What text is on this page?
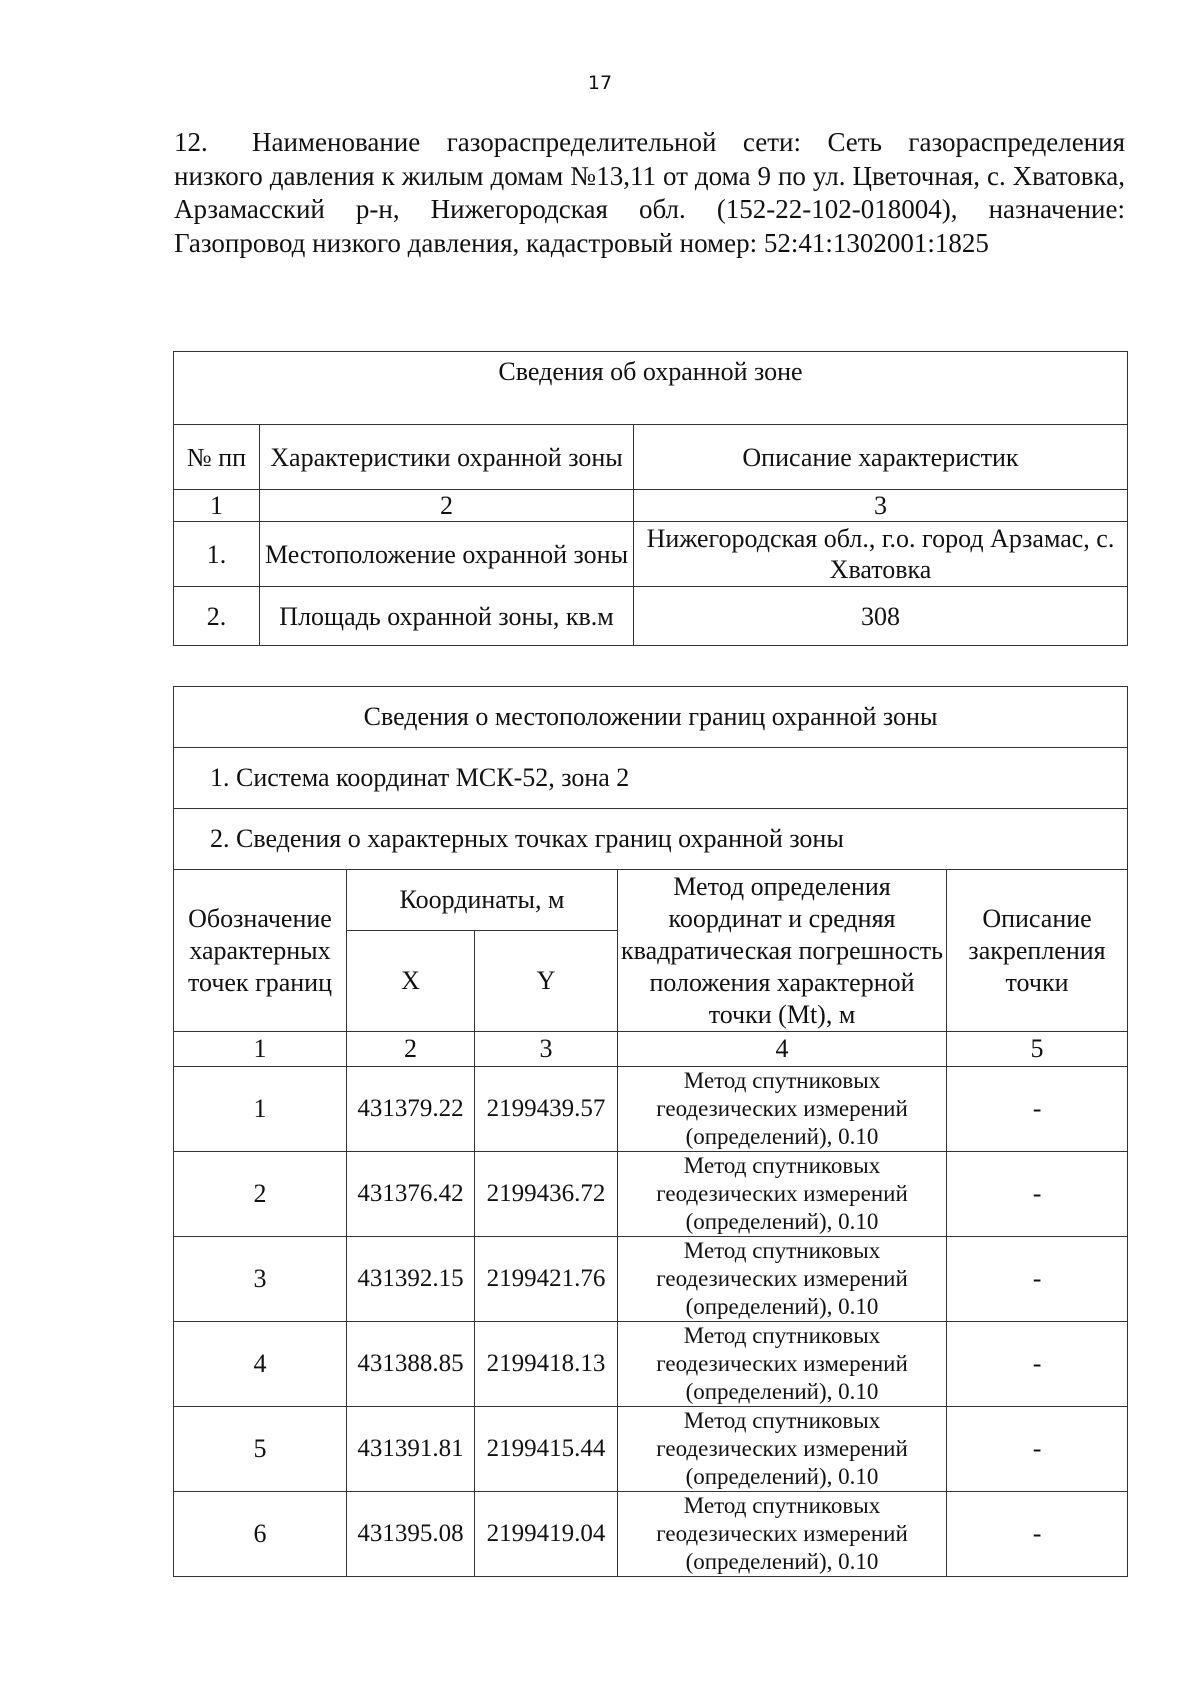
17

12. Наименование газораспределительной сети: Сеть газораспределения низкого давления к жилым домам №13,11 от дома 9 по ул. Цветочная, с. Хватовка, Арзамасский р-н, Нижегородская обл. (152-22-102-018004), назначение: Газопровод низкого давления, кадастровый номер: 52:41:1302001:1825

Сведения об охранной зоне		
№ пп	Характеристики охранной зоны	Описание характеристик
1	2	3
1.	Местоположение охранной зоны	Нижегородская обл., г.о. город Арзамас, с. Хватовка
2.	Площадь охранной зоны, кв.м	308
Сведения о местоположении границ охранной зоны				
1. Система координат МСК-52, зона 2				
2. Сведения о характерных точках границ охранной зоны				
Обозначение характерных точек границ	Координаты, м		Метод определения координат и средняя квадратическая погрешность положения характерной точки (Mt), м	Описание закрепления точки
	X	Y		
1	2	3	4	5
1	431379.22	2199439.57	Метод спутниковых геодезических измерений (определений), 0.10	-
2	431376.42	2199436.72	Метод спутниковых геодезических измерений (определений), 0.10	-
3	431392.15	2199421.76	Метод спутниковых геодезических измерений (определений), 0.10	-
4	431388.85	2199418.13	Метод спутниковых геодезических измерений (определений), 0.10	-
5	431391.81	2199415.44	Метод спутниковых геодезических измерений (определений), 0.10	-
6	431395.08	2199419.04	Метод спутниковых геодезических измерений (определений), 0.10	-
